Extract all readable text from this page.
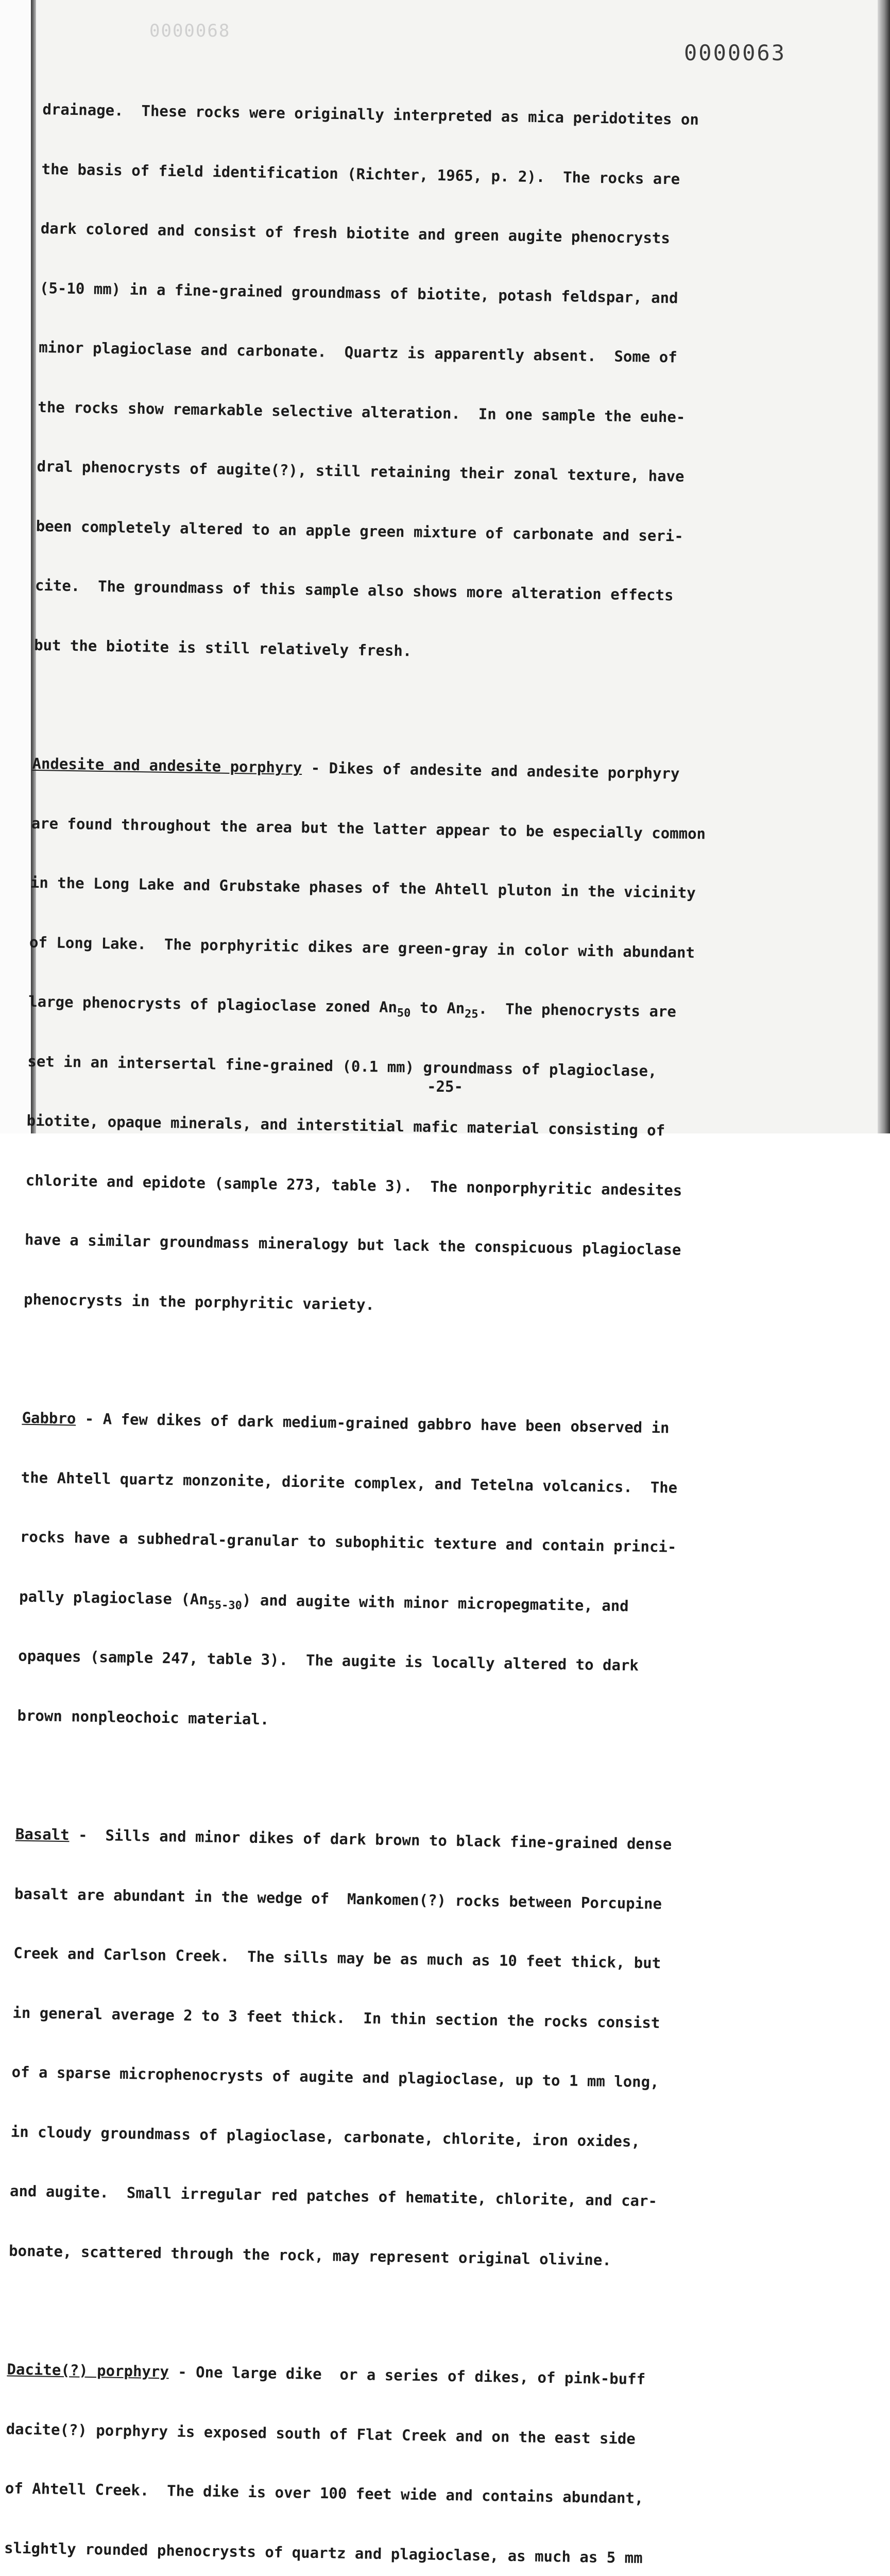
0000068
0000063

drainage.  These rocks were originally interpreted as mica peridotites on

the basis of field identification (Richter, 1965, p. 2).  The rocks are

dark colored and consist of fresh biotite and green augite phenocrysts

(5-10 mm) in a fine-grained groundmass of biotite, potash feldspar, and

minor plagioclase and carbonate.  Quartz is apparently absent.  Some of

the rocks show remarkable selective alteration.  In one sample the euhe-

dral phenocrysts of augite(?), still retaining their zonal texture, have

been completely altered to an apple green mixture of carbonate and seri-

cite.  The groundmass of this sample also shows more alteration effects

but the biotite is still relatively fresh.

Andesite and andesite porphyry - Dikes of andesite and andesite porphyry

are found throughout the area but the latter appear to be especially common

in the Long Lake and Grubstake phases of the Ahtell pluton in the vicinity

of Long Lake.  The porphyritic dikes are green-gray in color with abundant

large phenocrysts of plagioclase zoned $An_{50}$ to $An_{25}$.  The phenocrysts are

set in an intersertal fine-grained (0.1 mm) groundmass of plagioclase,

biotite, opaque minerals, and interstitial mafic material consisting of

chlorite and epidote (sample 273, table 3).  The nonporphyritic andesites

have a similar groundmass mineralogy but lack the conspicuous plagioclase

phenocrysts in the porphyritic variety.

Gabbro - A few dikes of dark medium-grained gabbro have been observed in

the Ahtell quartz monzonite, diorite complex, and Tetelna volcanics.  The

rocks have a subhedral-granular to subophitic texture and contain princi-

pally plagioclase $(An_{55-30})$ and augite with minor micropegmatite, and

opaques (sample 247, table 3).  The augite is locally altered to dark

brown nonpleochoic material.

Basalt -  Sills and minor dikes of dark brown to black fine-grained dense

basalt are abundant in the wedge of  Mankomen(?) rocks between Porcupine

Creek and Carlson Creek.  The sills may be as much as 10 feet thick, but

in general average 2 to 3 feet thick.  In thin section the rocks consist

of a sparse microphenocrysts of augite and plagioclase, up to 1 mm long,

in cloudy groundmass of plagioclase, carbonate, chlorite, iron oxides,

and augite.  Small irregular red patches of hematite, chlorite, and car-

bonate, scattered through the rock, may represent original olivine.

Dacite(?) porphyry - One large dike  or a series of dikes, of pink-buff

dacite(?) porphyry is exposed south of Flat Creek and on the east side

of Ahtell Creek.  The dike is over 100 feet wide and contains abundant,

slightly rounded phenocrysts of quartz and plagioclase, as much as 5 mm

-25-
